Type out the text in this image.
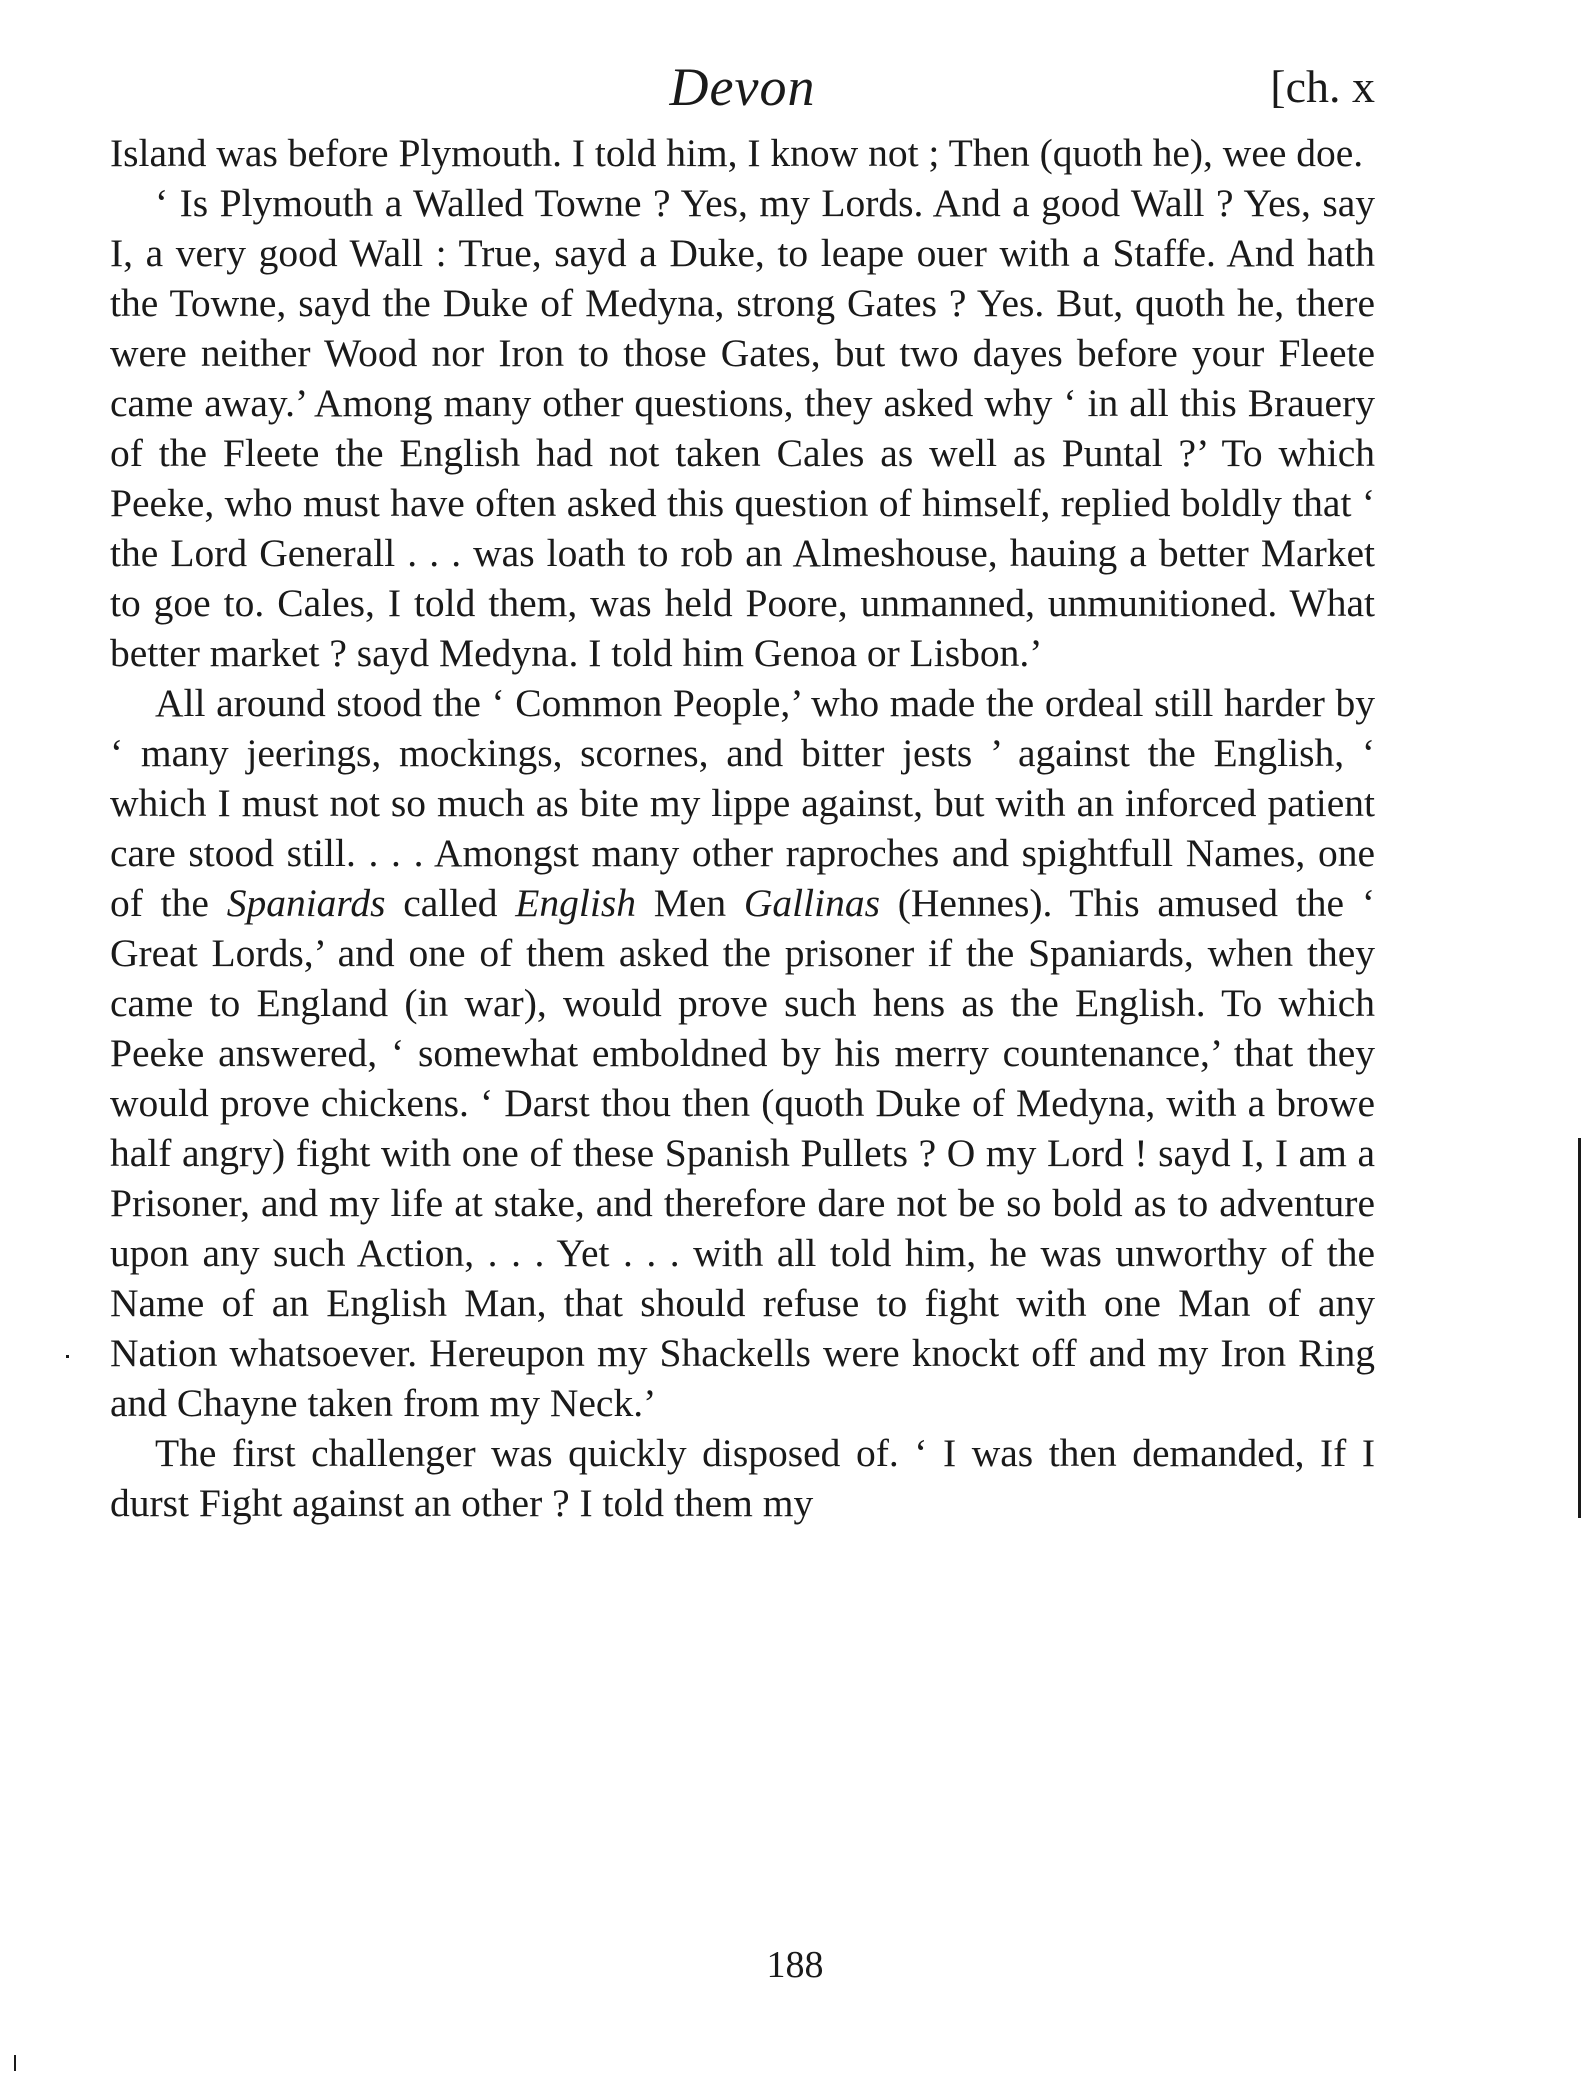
Devon	[ch. x

Island was before Plymouth. I told him, I know not ; Then (quoth he), wee doe.

‘ Is Plymouth a Walled Towne ? Yes, my Lords. And a good Wall ? Yes, say I, a very good Wall : True, sayd a Duke, to leape ouer with a Staffe. And hath the Towne, sayd the Duke of Medyna, strong Gates ? Yes. But, quoth he, there were neither Wood nor Iron to those Gates, but two dayes before your Fleete came away.’ Among many other questions, they asked why ‘ in all this Brauery of the Fleete the English had not taken Cales as well as Puntal ?’ To which Peeke, who must have often asked this question of himself, replied boldly that ‘ the Lord Generall . . . was loath to rob an Almeshouse, hauing a better Market to goe to. Cales, I told them, was held Poore, unmanned, unmunitioned. What better market ? sayd Medyna. I told him Genoa or Lisbon.’

All around stood the ‘ Common People,’ who made the ordeal still harder by ‘ many jeerings, mockings, scornes, and bitter jests ’ against the English, ‘ which I must not so much as bite my lippe against, but with an inforced patient care stood still. . . . Amongst many other raproches and spightfull Names, one of the Spaniards called English Men Gallinas (Hennes). This amused the ‘ Great Lords,’ and one of them asked the prisoner if the Spaniards, when they came to England (in war), would prove such hens as the English. To which Peeke answered, ‘ somewhat emboldned by his merry countenance,’ that they would prove chickens. ‘ Darst thou then (quoth Duke of Medyna, with a browe half angry) fight with one of these Spanish Pullets ? O my Lord ! sayd I, I am a Prisoner, and my life at stake, and therefore dare not be so bold as to adventure upon any such Action, . . . Yet . . . with all told him, he was unworthy of the Name of an English Man, that should refuse to fight with one Man of any Nation whatsoever. Hereupon my Shackells were knockt off and my Iron Ring and Chayne taken from my Neck.’

The first challenger was quickly disposed of. ‘ I was then demanded, If I durst Fight against an other ? I told them my

188
